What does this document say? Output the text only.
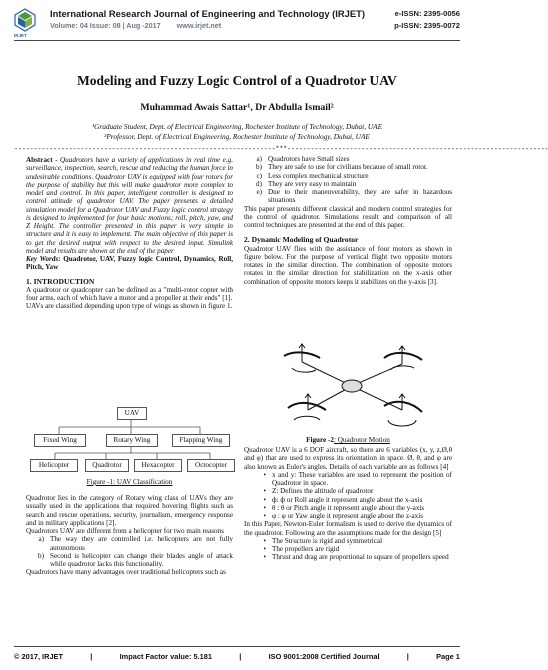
IRJET
International Research Journal of Engineering and Technology (IRJET)
Volume: 04 Issue: 08 | Aug -2017 www.irjet.net
e-ISSN: 2395-0056
p-ISSN: 2395-0072
Modeling and Fuzzy Logic Control of a Quadrotor UAV
Muhammad Awais Sattar¹, Dr Abdulla Ismail²
¹Graduate Student, Dept. of Electrical Engineering, Rochester Institute of Technology, Dubai, UAE
²Professor, Dept. of Electrical Engineering, Rochester Institute of Technology, Dubai, UAE
-------------------------------------------------------------------***-------------------------------------------------------------------

Abstract - Quadrotors have a variety of applications in real time e.g. surveillance, inspection, search, rescue and reducing the human force in undesirable conditions. Quadrotor UAV is equipped with four rotors for the purpose of stability but this will make quadrotor more complex to model and control. In this paper, intelligent controller is designed to control attitude of quadrotor UAV. The paper presents a detailed simulation model for a Quadrotor UAV and Fuzzy logic control strategy is designed to implemented for four basic motions; roll, pitch, yaw, and Z Height. The controller presented in this paper is very simple in structure and it is easy to implement. The main objective of this paper is to get the desired output with respect to the desired input. Simulink model and results are shown at the end of the paper

Key Words: Quadrotor, UAV, Fuzzy logic Control, Dynamics, Roll, Pitch, Yaw

1. INTRODUCTION

A quadrotor or quadcopter can be defined as a "multi-rotor copter with four arms, each of which have a motor and a propeller at their ends" [1].

UAVs are classified depending upon type of wings as shown in figure 1.

UAV
Fixed Wing	Rotary Wing	Flapping Wing
Helicopter	Quadrotor	Hexacopter	Octocopter
Figure -1: UAV Classification

Quadrotor lies in the category of Rotary wing class of UAVs they are usually used in the applications that required hovering flights such as search and rescue operations, security, journalism, emergency response and in military applications [2].

Quadrotors UAV are different from a helicopter for two main reasons

a) The way they are controlled i.e. helicopters are not fully autonomous
b) Second is helicopter can change their blades angle of attack while quadrotor lacks this functionality.

Quadrotors have many advantages over traditional helicopters such as

a) Quadrotors have Small sizes
b) They are safe to use for civilians because of small rotor.
c) Less complex mechanical structure
d) They are very easy to maintain
e) Due to their maneuverability, they are safer in hazardous situations

This paper presents different classical and modern control strategies for the control of quadrotor. Simulations result and comparison of all control techniques are presented at the end of this paper.

2. Dynamic Modeling of Quadrotor

Quadrotor UAV flies with the assistance of four motors as shown in figure below. For the purpose of vertical flight two opposite motors rotates in the similar direction. The combination of opposite motors rotates in the similar direction for stabilization on the x-axis other combination of opposite motors keeps it stabilizes on the y-axis [3].

Figure -2: Quadrotor Motion

Quadrotor UAV is a 6 DOF aircraft, so there are 6 variables (x, y, z,Ø,θ and φ) that are used to express its orientation in space. Ø, θ, and φ are also known as Euler's angles. Details of each variable are as follows [4]

• x and y: These variables are used to represent the position of Quadrotor in space.
• Z: Defines the altitude of quadrotor
• ф: ф or Roll angle it represent angle about the x-axis
• θ : θ or Pitch angle it represent angle about the y-axis
• φ : φ or Yaw angle it represent angle about the z-axis

In this Paper, Newton-Euler formalism is used to derive the dynamics of the quadrotor. Following are the assumptions made for the design [5]

• The Structure is rigid and symmetrical
• The propellers are rigid
• Thrust and drag are proportional to square of propellers speed
© 2017, IRJET	|	Impact Factor value: 5.181	|	ISO 9001:2008 Certified Journal	|	Page 1
